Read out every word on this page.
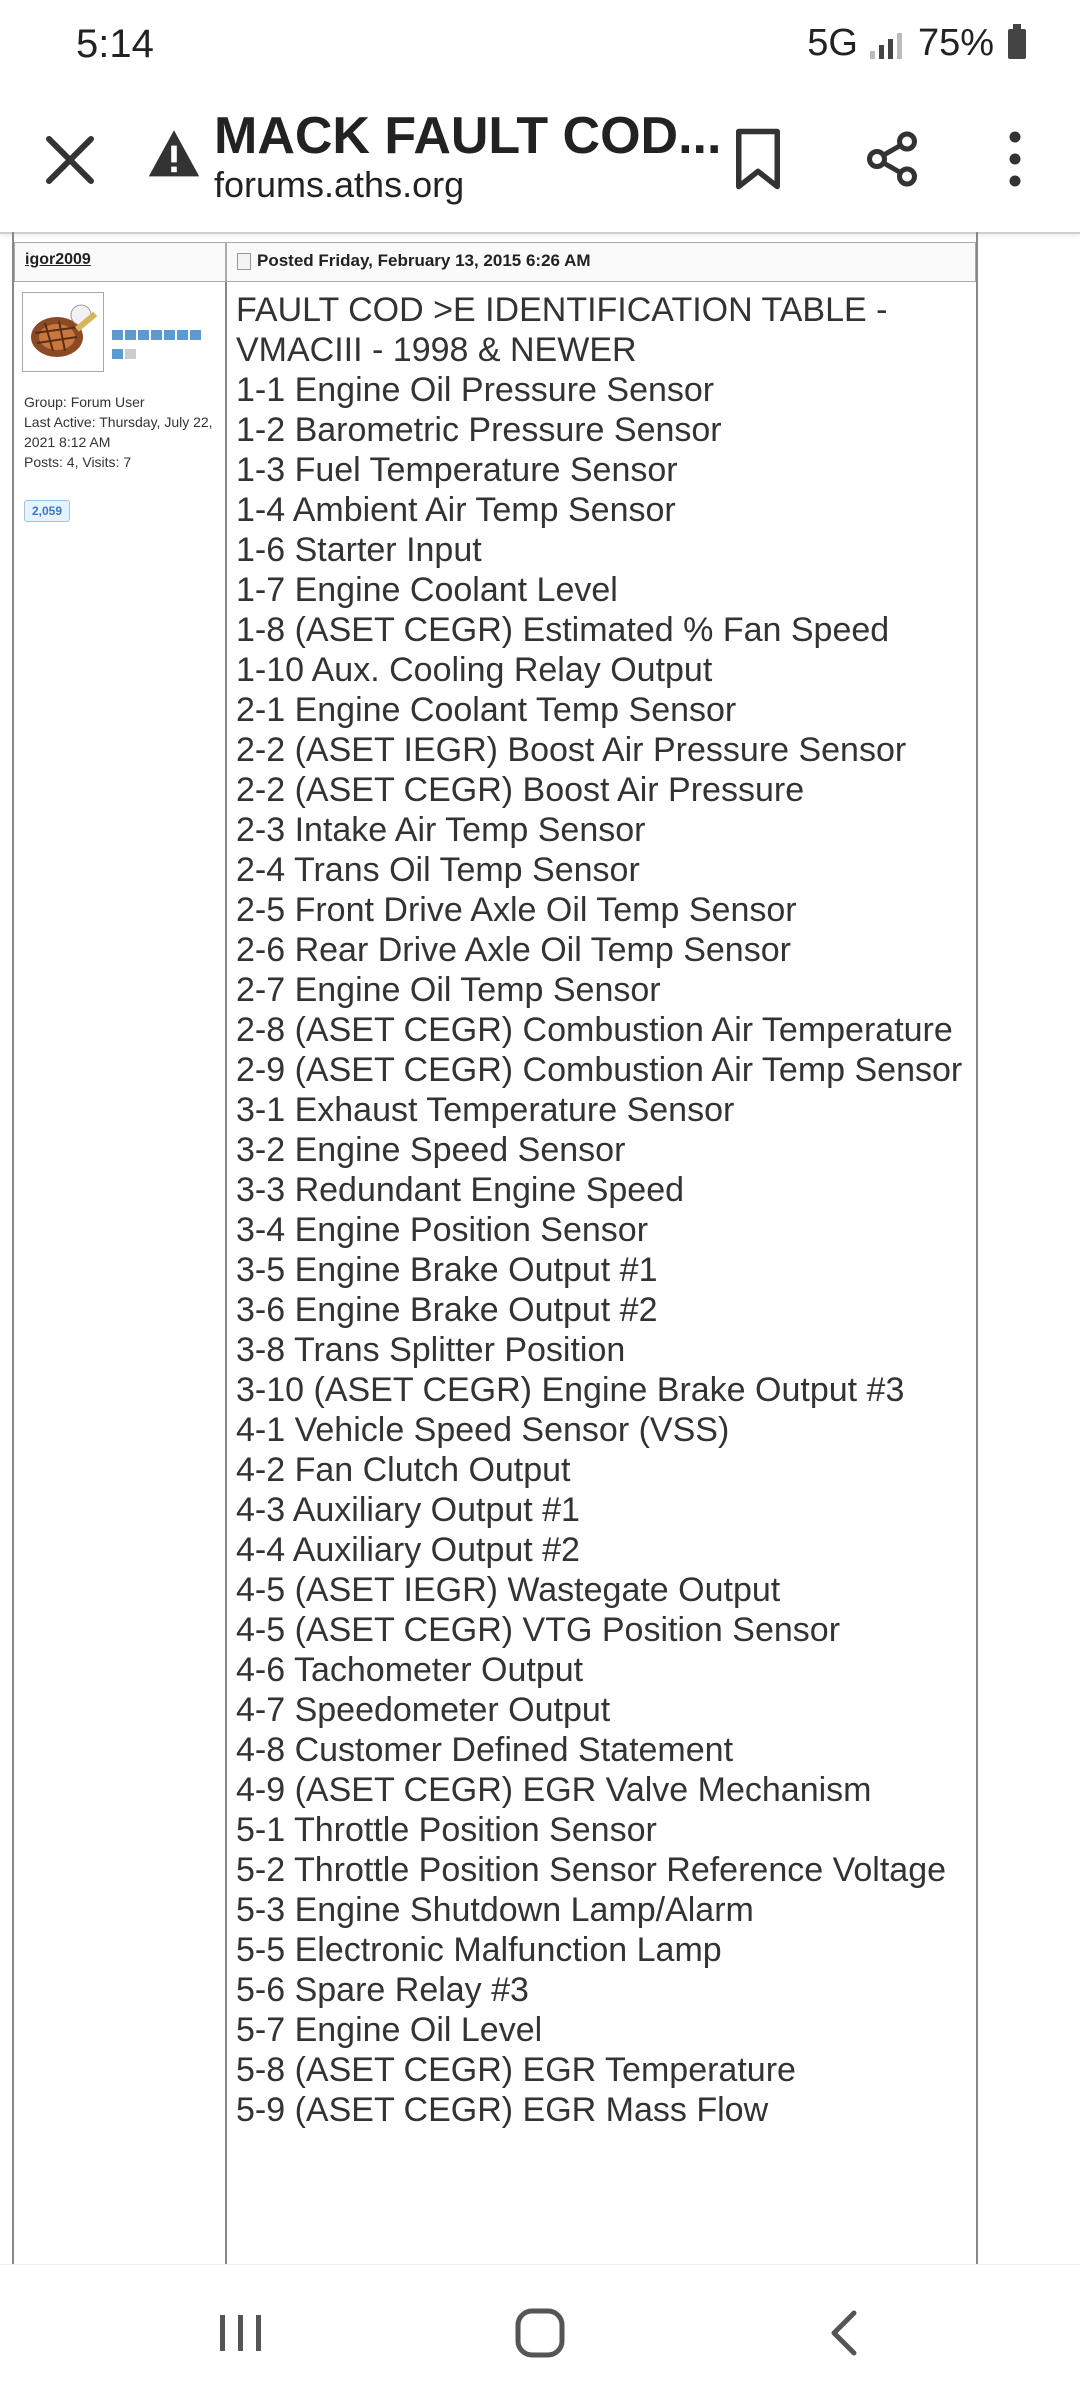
5:14	5G 75%
MACK FAULT COD...
forums.aths.org
igor2009	Posted Friday, February 13, 2015 6:26 AM
Group: Forum User
Last Active: Thursday, July 22, 2021 8:12 AM
Posts: 4, Visits: 7
2,059

FAULT COD >E IDENTIFICATION TABLE - VMACIII - 1998 & NEWER

1-1 Engine Oil Pressure Sensor
1-2 Barometric Pressure Sensor
1-3 Fuel Temperature Sensor
1-4 Ambient Air Temp Sensor
1-6 Starter Input
1-7 Engine Coolant Level
1-8 (ASET CEGR) Estimated % Fan Speed
1-10 Aux. Cooling Relay Output
2-1 Engine Coolant Temp Sensor
2-2 (ASET IEGR) Boost Air Pressure Sensor
2-2 (ASET CEGR) Boost Air Pressure
2-3 Intake Air Temp Sensor
2-4 Trans Oil Temp Sensor
2-5 Front Drive Axle Oil Temp Sensor
2-6 Rear Drive Axle Oil Temp Sensor
2-7 Engine Oil Temp Sensor
2-8 (ASET CEGR) Combustion Air Temperature
2-9 (ASET CEGR) Combustion Air Temp Sensor
3-1 Exhaust Temperature Sensor
3-2 Engine Speed Sensor
3-3 Redundant Engine Speed
3-4 Engine Position Sensor
3-5 Engine Brake Output #1
3-6 Engine Brake Output #2
3-8 Trans Splitter Position
3-10 (ASET CEGR) Engine Brake Output #3
4-1 Vehicle Speed Sensor (VSS)
4-2 Fan Clutch Output
4-3 Auxiliary Output #1
4-4 Auxiliary Output #2
4-5 (ASET IEGR) Wastegate Output
4-5 (ASET CEGR) VTG Position Sensor
4-6 Tachometer Output
4-7 Speedometer Output
4-8 Customer Defined Statement
4-9 (ASET CEGR) EGR Valve Mechanism
5-1 Throttle Position Sensor
5-2 Throttle Position Sensor Reference Voltage
5-3 Engine Shutdown Lamp/Alarm
5-5 Electronic Malfunction Lamp
5-6 Spare Relay #3
5-7 Engine Oil Level
5-8 (ASET CEGR) EGR Temperature
5-9 (ASET CEGR) EGR Mass Flow
